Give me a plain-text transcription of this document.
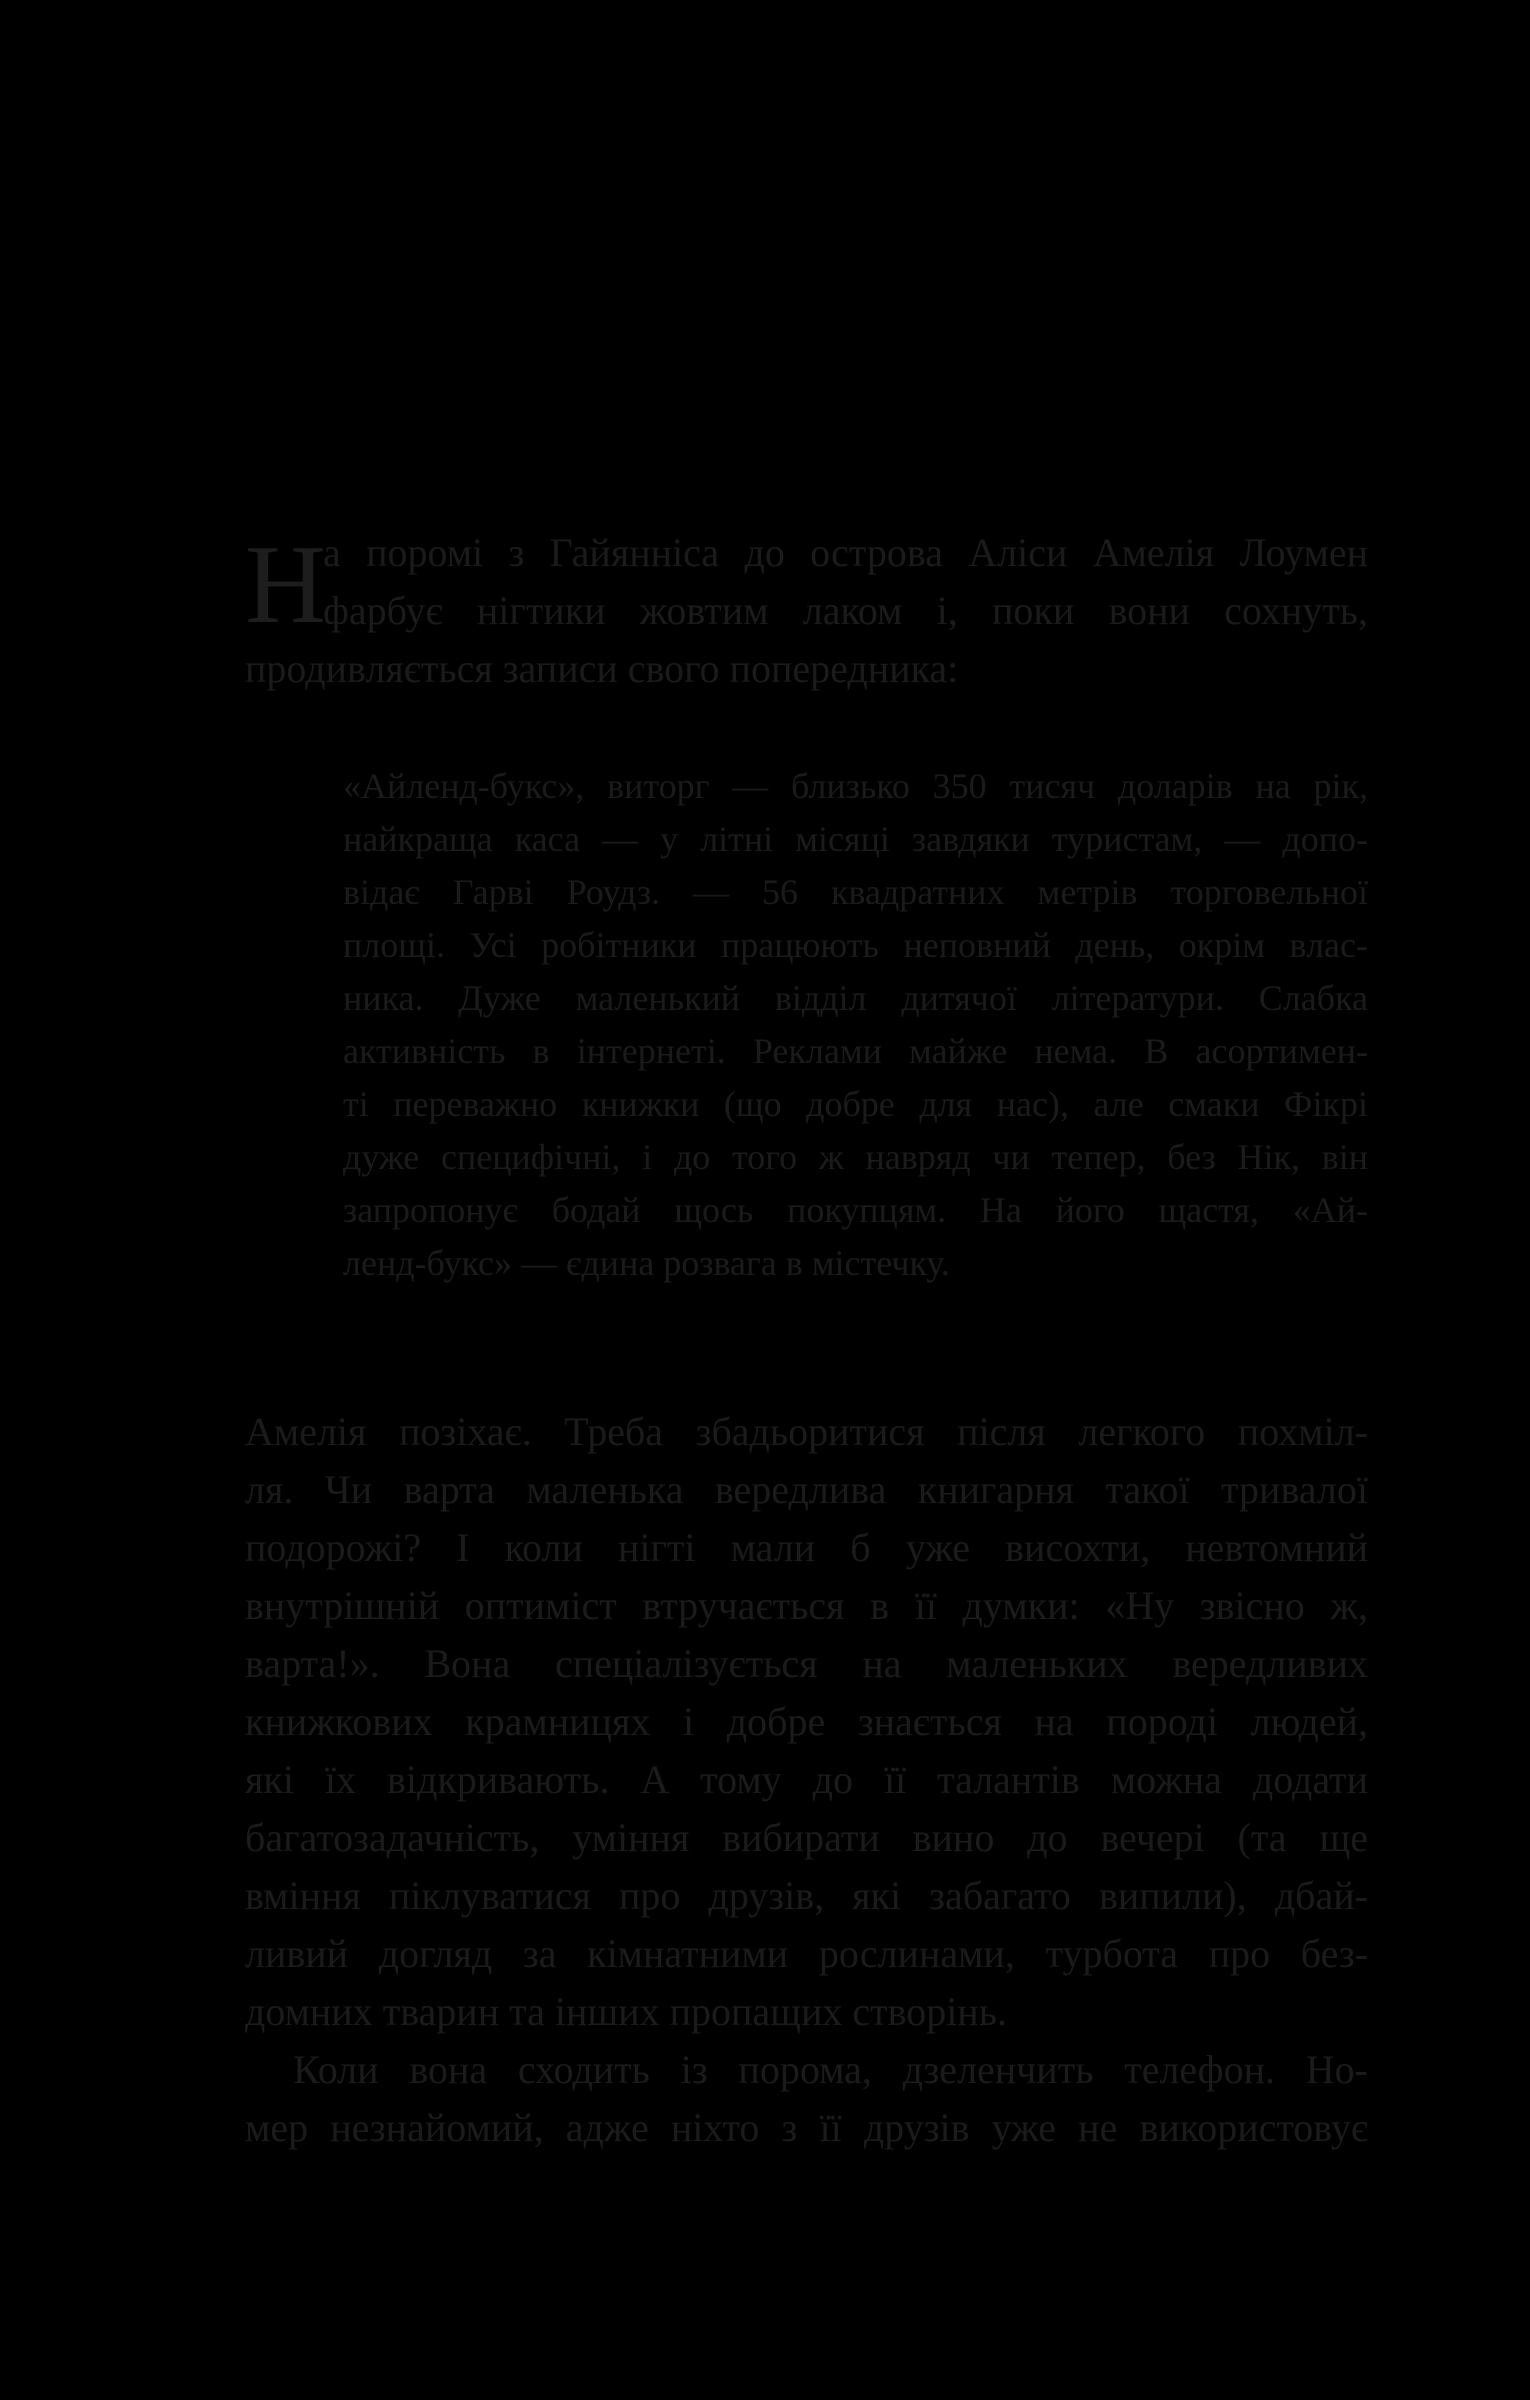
Н
а поромі з Гайяннiса до острова Аліси Амелія Лоумен
фарбує нігтики жовтим лаком і, поки вони сохнуть,
продивляється записи свого попередника:
«Айленд-букс», виторг — близько 350 тисяч доларів на рік,
найкраща каса — у літні місяці завдяки туристам, — допо-
відає Гарві Роудз. — 56 квадратних метрів торговельної
площі. Усі робітники працюють неповний день, окрім влас-
ника. Дуже маленький відділ дитячої літератури. Слабка
активність в інтернеті. Реклами майже нема. В асортимен-
ті переважно книжки (що добре для нас), але смаки Фікрі
дуже специфічні, і до того ж навряд чи тепер, без Нік, він
запропонує бодай щось покупцям. На його щастя, «Ай-
ленд-букс» — єдина розвага в містечку.
Амелія позіхає. Треба збадьоритися після легкого похміл-
ля. Чи варта маленька вередлива книгарня такої тривалої
подорожі? І коли нігті мали б уже висохти, невтомний
внутрішній оптиміст втручається в її думки: «Ну звісно ж,
варта!». Вона спеціалізується на маленьких вередливих
книжкових крамницях і добре знається на породі людей,
які їх відкривають. А тому до її талантів можна додати
багатозадачність, уміння вибирати вино до вечері (та ще
вміння піклуватися про друзів, які забагато випили), дбай-
ливий догляд за кімнатними рослинами, турбота про без-
домних тварин та інших пропащих створінь.
Коли вона сходить із порома, дзеленчить телефон. Но-
мер незнайомий, адже ніхто з її друзів уже не використовує
